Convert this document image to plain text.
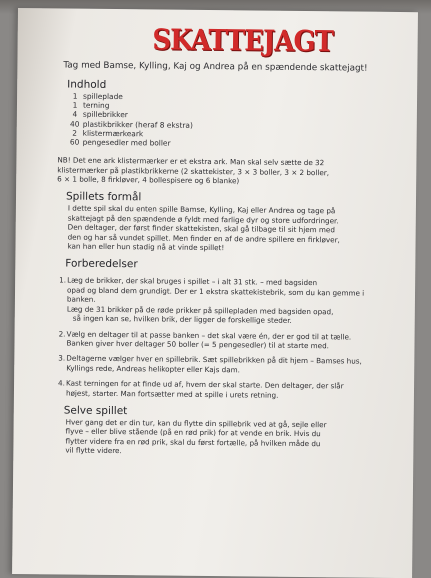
SKATTEJAGT
Tag med Bamse, Kylling, Kaj og Andrea på en spændende skattejagt!
Indhold
1 spilleplade
1 terning
4 spillebrikker
40 plastikbrikker (heraf 8 ekstra)
2 klistermærkeark
60 pengesedler med boller
NB! Det ene ark klistermærker er et ekstra ark. Man skal selv sætte de 32
klistermærker på plastikbrikkerne (2 skattekister, 3 × 3 boller, 3 × 2 boller,
6 × 1 bolle, 8 firkløver, 4 bollespisere og 6 blanke)
Spillets formål
I dette spil skal du enten spille Bamse, Kylling, Kaj eller Andrea og tage på
skattejagt på den spændende ø fyldt med farlige dyr og store udfordringer.
Den deltager, der først finder skattekisten, skal gå tilbage til sit hjem med
den og har så vundet spillet. Men finder en af de andre spillere en firkløver,
kan han eller hun stadig nå at vinde spillet!
Forberedelser
1. Læg de brikker, der skal bruges i spillet – i alt 31 stk. – med bagsiden
opad og bland dem grundigt. Der er 1 ekstra skattekistebrik, som du kan gemme i
banken.
Læg de 31 brikker på de røde prikker på spillepladen med bagsiden opad,
så ingen kan se, hvilken brik, der ligger de forskellige steder.
2. Vælg en deltager til at passe banken – det skal være én, der er god til at tælle.
Banken giver hver deltager 50 boller (= 5 pengesedler) til at starte med.
3. Deltagerne vælger hver en spillebrik. Sæt spillebrikken på dit hjem – Bamses hus,
Kyllings rede, Andreas helikopter eller Kajs dam.
4. Kast terningen for at finde ud af, hvem der skal starte. Den deltager, der slår
højest, starter. Man fortsætter med at spille i urets retning.
Selve spillet
Hver gang det er din tur, kan du flytte din spillebrik ved at gå, sejle eller
flyve – eller blive stående (på en rød prik) for at vende en brik. Hvis du
flytter videre fra en rød prik, skal du først fortælle, på hvilken måde du
vil flytte videre.
